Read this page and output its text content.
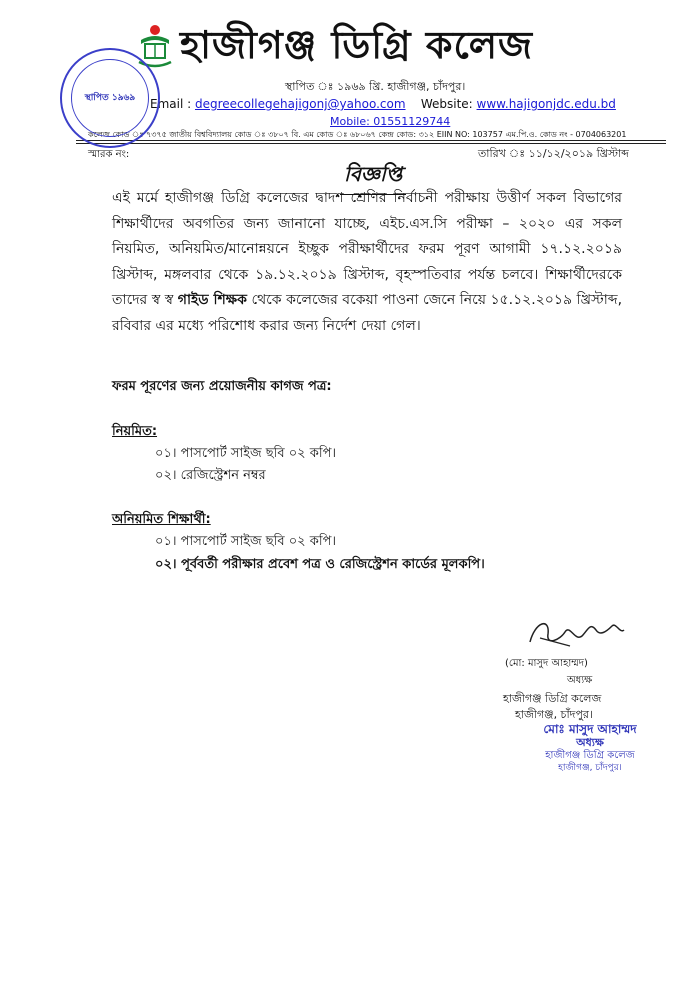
হাজীগঞ্জ ডিগ্রি কলেজ
স্থাপিত ঃ ১৯৬৯ খ্রি. হাজীগঞ্জ, চাঁদপুর।
Email : degreecollegehajigonj@yahoo.com Website: www.hajigonjdc.edu.bd
Mobile: 01551129744
কলেজ কোড ঃ ৭৩৭৫ জাতীয় বিশ্ববিদ্যালয় কোড ঃ ৩৮০৭ বি. এম কোড ঃ ৬৮০৬৭ কেন্দ্র কোড: ৩১২ EIIN NO: 103757 এম.পি.ও. কোড নং - 0704063201
স্মারক নং:	তারিখ ঃ ১১/১২/২০১৯ খ্রিস্টাব্দ
স্থাপিত ১৯৬৯
বিজ্ঞপ্তি
এই মর্মে হাজীগঞ্জ ডিগ্রি কলেজের দ্বাদশ শ্রেণির নির্বাচনী পরীক্ষায় উত্তীর্ণ সকল বিভাগের শিক্ষার্থীদের অবগতির জন্য জানানো যাচ্ছে, এইচ.এস.সি পরীক্ষা – ২০২০ এর সকল নিয়মিত, অনিয়মিত/মানোন্নয়নে ইচ্ছুক পরীক্ষার্থীদের ফরম পূরণ আগামী ১৭.১২.২০১৯ খ্রিস্টাব্দ, মঙ্গলবার থেকে ১৯.১২.২০১৯ খ্রিস্টাব্দ, বৃহস্পতিবার পর্যন্ত চলবে। শিক্ষার্থীদেরকে তাদের স্ব স্ব গাইড শিক্ষক থেকে কলেজের বকেয়া পাওনা জেনে নিয়ে ১৫.১২.২০১৯ খ্রিস্টাব্দ, রবিবার এর মধ্যে পরিশোধ করার জন্য নির্দেশ দেয়া গেল।
ফরম পূরণের জন্য প্রয়োজনীয় কাগজ পত্র:
নিয়মিত:
০১। পাসপোর্ট সাইজ ছবি ০২ কপি।
০২। রেজিস্ট্রেশন নম্বর
অনিয়মিত শিক্ষার্থী:
০১। পাসপোর্ট সাইজ ছবি ০২ কপি।
০২। পূর্ববর্তী পরীক্ষার প্রবেশ পত্র ও রেজিস্ট্রেশন কার্ডের মূলকপি।
(মো: মাসুদ আহাম্মদ)
অধ্যক্ষ
হাজীগঞ্জ ডিগ্রি কলেজ
হাজীগঞ্জ, চাঁদপুর।
মোঃ মাসুদ আহাম্মদ
অধ্যক্ষ
হাজীগঞ্জ ডিগ্রি কলেজ
হাজীগঞ্জ, চাঁদপুর।
